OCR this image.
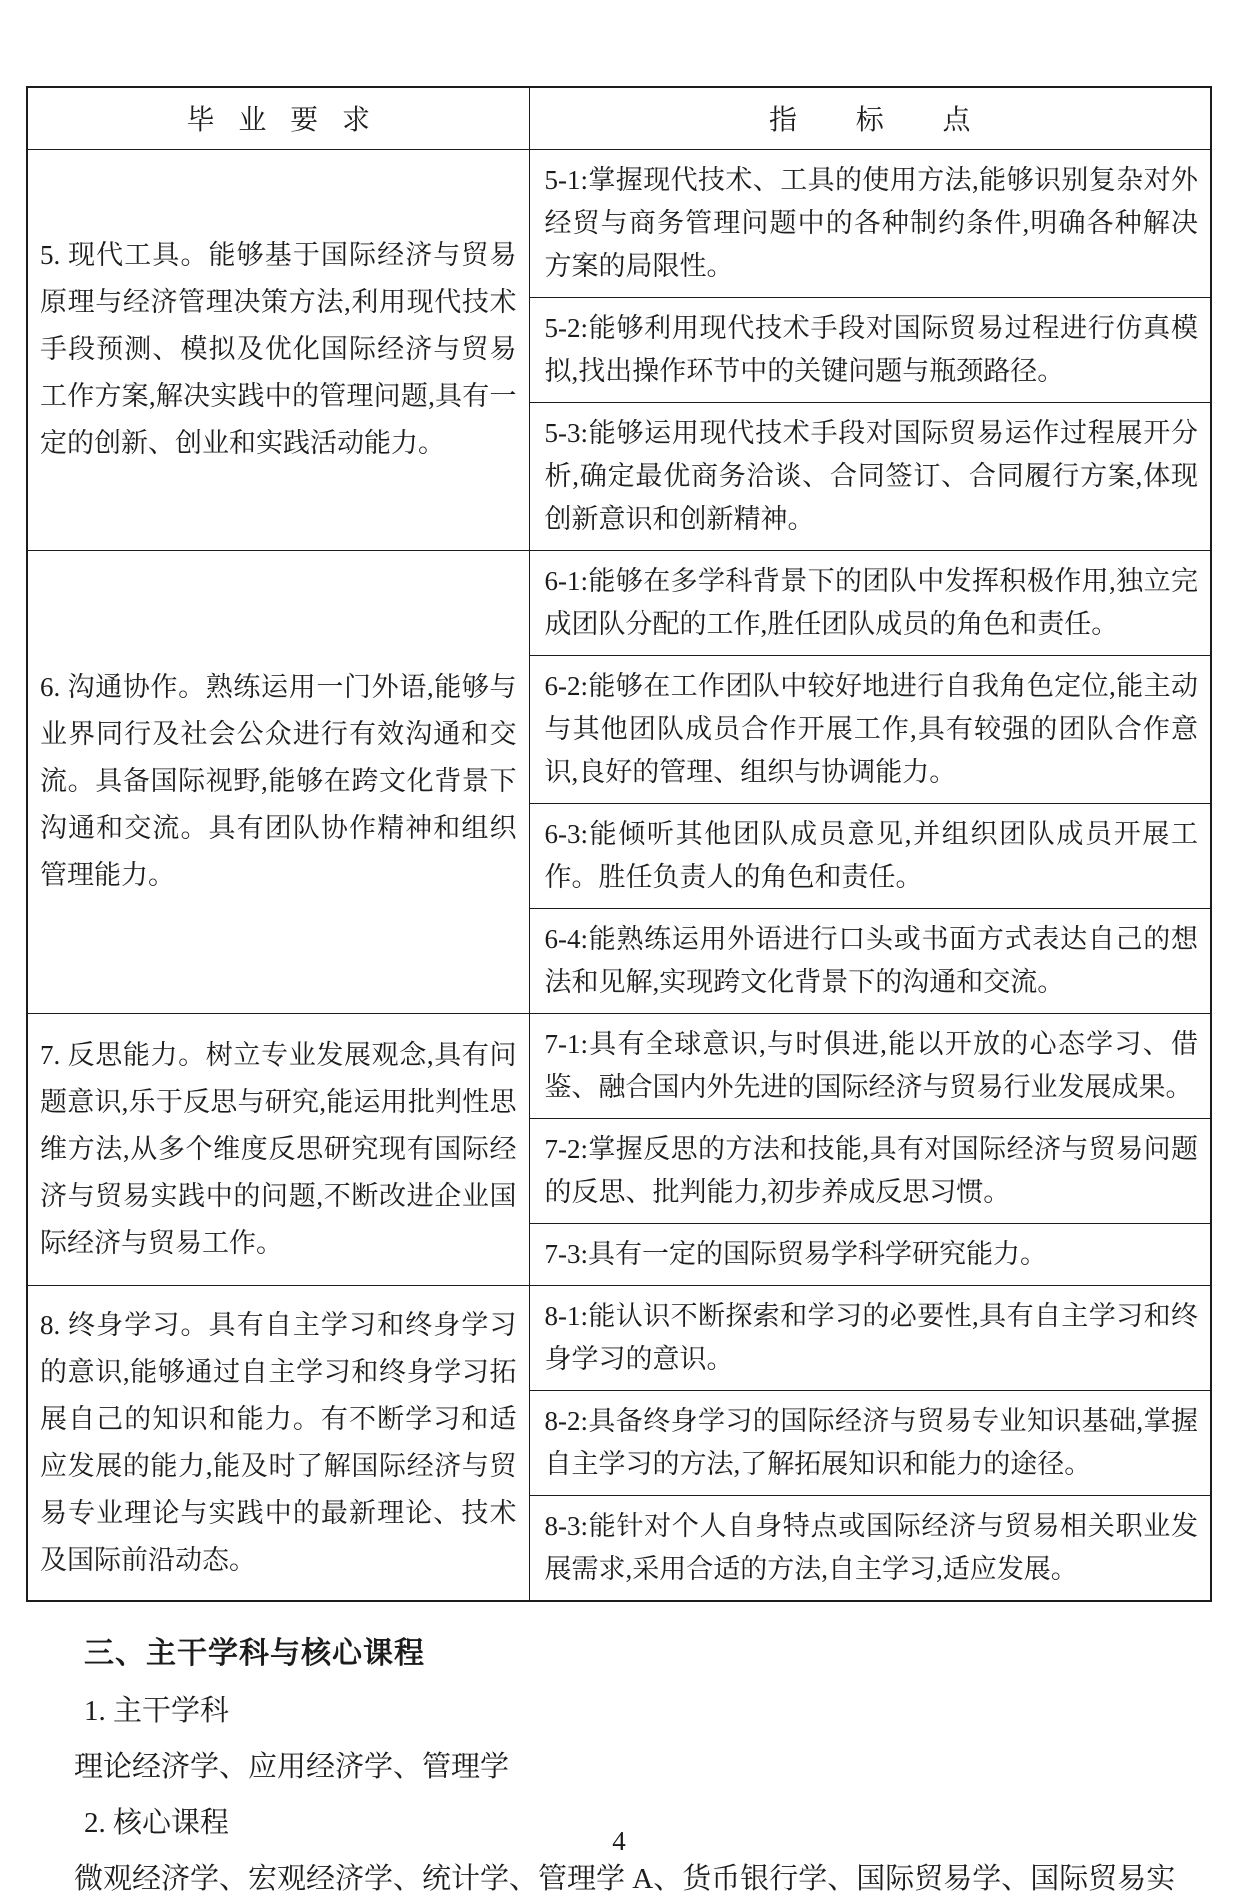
毕业要求	指标点
5. 现代工具。能够基于国际经济与贸易原理与经济管理决策方法,利用现代技术手段预测、模拟及优化国际经济与贸易工作方案,解决实践中的管理问题,具有一定的创新、创业和实践活动能力。	5-1:掌握现代技术、工具的使用方法,能够识别复杂对外经贸与商务管理问题中的各种制约条件,明确各种解决方案的局限性。
	5-2:能够利用现代技术手段对国际贸易过程进行仿真模拟,找出操作环节中的关键问题与瓶颈路径。
	5-3:能够运用现代技术手段对国际贸易运作过程展开分析,确定最优商务洽谈、合同签订、合同履行方案,体现创新意识和创新精神。
6. 沟通协作。熟练运用一门外语,能够与业界同行及社会公众进行有效沟通和交流。具备国际视野,能够在跨文化背景下沟通和交流。具有团队协作精神和组织管理能力。	6-1:能够在多学科背景下的团队中发挥积极作用,独立完成团队分配的工作,胜任团队成员的角色和责任。
	6-2:能够在工作团队中较好地进行自我角色定位,能主动与其他团队成员合作开展工作,具有较强的团队合作意识,良好的管理、组织与协调能力。
	6-3:能倾听其他团队成员意见,并组织团队成员开展工作。胜任负责人的角色和责任。
	6-4:能熟练运用外语进行口头或书面方式表达自己的想法和见解,实现跨文化背景下的沟通和交流。
7. 反思能力。树立专业发展观念,具有问题意识,乐于反思与研究,能运用批判性思维方法,从多个维度反思研究现有国际经济与贸易实践中的问题,不断改进企业国际经济与贸易工作。	7-1:具有全球意识,与时俱进,能以开放的心态学习、借鉴、融合国内外先进的国际经济与贸易行业发展成果。
	7-2:掌握反思的方法和技能,具有对国际经济与贸易问题的反思、批判能力,初步养成反思习惯。
	7-3:具有一定的国际贸易学科学研究能力。
8. 终身学习。具有自主学习和终身学习的意识,能够通过自主学习和终身学习拓展自己的知识和能力。有不断学习和适应发展的能力,能及时了解国际经济与贸易专业理论与实践中的最新理论、技术及国际前沿动态。	8-1:能认识不断探索和学习的必要性,具有自主学习和终身学习的意识。
	8-2:具备终身学习的国际经济与贸易专业知识基础,掌握自主学习的方法,了解拓展知识和能力的途径。
	8-3:能针对个人自身特点或国际经济与贸易相关职业发展需求,采用合适的方法,自主学习,适应发展。
三、主干学科与核心课程
1. 主干学科
理论经济学、应用经济学、管理学
2. 核心课程
微观经济学、宏观经济学、统计学、管理学 A、货币银行学、国际贸易学、国际贸易实
4
